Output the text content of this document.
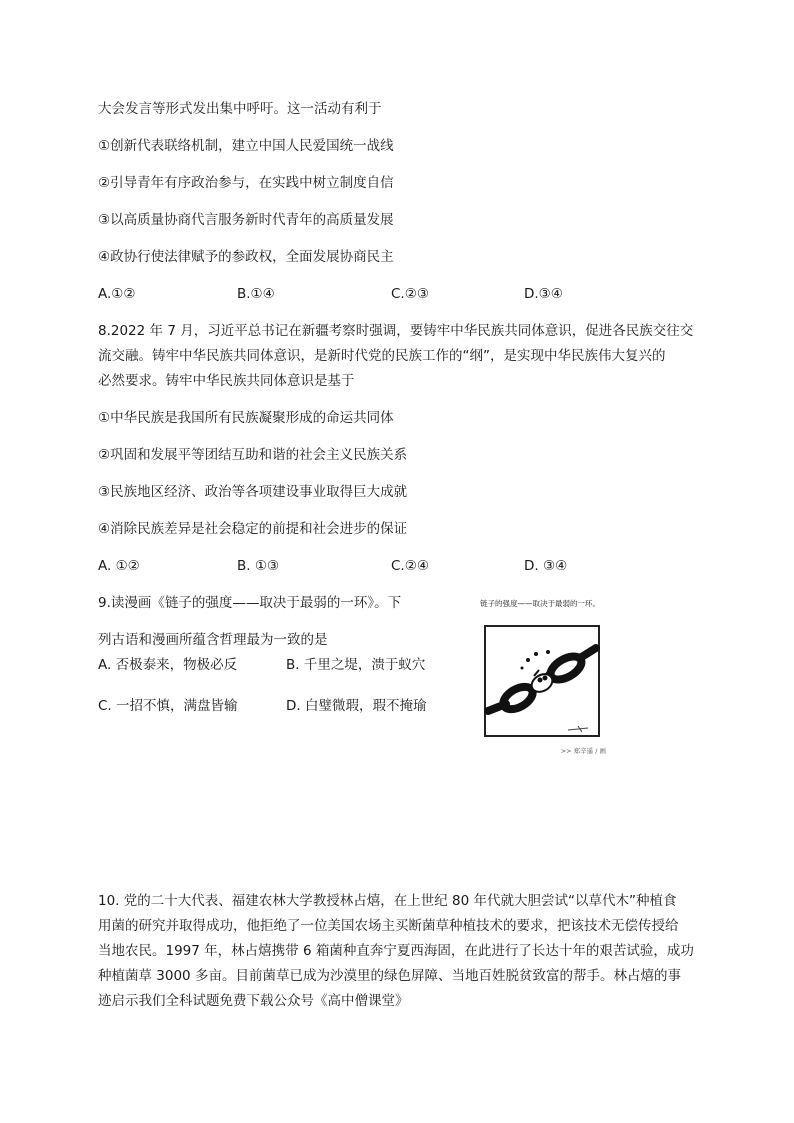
大会发言等形式发出集中呼吁。这一活动有利于
①创新代表联络机制，建立中国人民爱国统一战线
②引导青年有序政治参与，在实践中树立制度自信
③以高质量协商代言服务新时代青年的高质量发展
④政协行使法律赋予的参政权，全面发展协商民主
A.①②	B.①④	C.②③	D.③④
8.2022 年 7 月，习近平总书记在新疆考察时强调，要铸牢中华民族共同体意识，促进各民族交往交
流交融。铸牢中华民族共同体意识，是新时代党的民族工作的“纲”，是实现中华民族伟大复兴的
必然要求。铸牢中华民族共同体意识是基于
①中华民族是我国所有民族凝聚形成的命运共同体
②巩固和发展平等团结互助和谐的社会主义民族关系
③民族地区经济、政治等各项建设事业取得巨大成就
④消除民族差异是社会稳定的前提和社会进步的保证
A. ①②	B. ①③	C.②④	D. ③④
9.读漫画《链子的强度——取决于最弱的一环》。下
列古语和漫画所蕴含哲理最为一致的是
A. 否极泰来，物极必反	B. 千里之堤，溃于蚁穴
C. 一招不慎，满盘皆输	D. 白璧微瑕，瑕不掩瑜
链子的强度——取决于最弱的一环。
>> 郑辛遥 / 画
10. 党的二十大代表、福建农林大学教授林占熺，在上世纪 80 年代就大胆尝试“以草代木”种植食
用菌的研究并取得成功，他拒绝了一位美国农场主买断菌草种植技术的要求，把该技术无偿传授给
当地农民。1997 年，林占熺携带 6 箱菌种直奔宁夏西海固，在此进行了长达十年的艰苦试验，成功
种植菌草 3000 多亩。目前菌草已成为沙漠里的绿色屏障、当地百姓脱贫致富的帮手。林占熺的事
迹启示我们全科试题免费下载公众号《高中僧课堂》
